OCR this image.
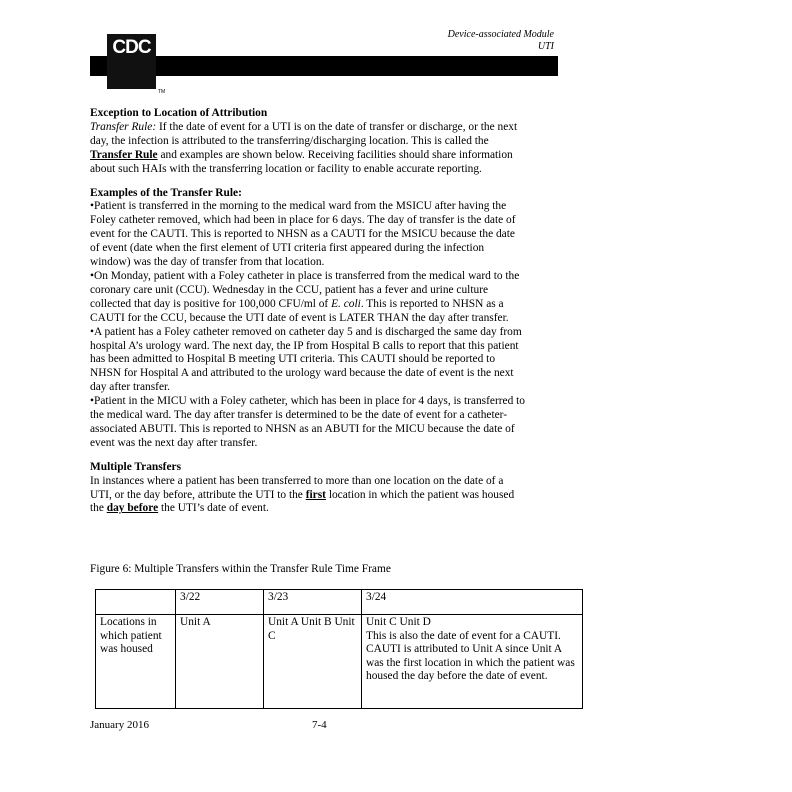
Device-associated Module
UTI
CDC
TM

Exception to Location of Attribution

Transfer Rule: If the date of event for a UTI is on the date of transfer or discharge, or the next day, the infection is attributed to the transferring/discharging location. This is called the Transfer Rule and examples are shown below. Receiving facilities should share information about such HAIs with the transferring location or facility to enable accurate reporting.

Examples of the Transfer Rule:

•Patient is transferred in the morning to the medical ward from the MSICU after having the Foley catheter removed, which had been in place for 6 days. The day of transfer is the date of event for the CAUTI. This is reported to NHSN as a CAUTI for the MSICU because the date of event (date when the first element of UTI criteria first appeared during the infection window) was the day of transfer from that location.

•On Monday, patient with a Foley catheter in place is transferred from the medical ward to the coronary care unit (CCU). Wednesday in the CCU, patient has a fever and urine culture collected that day is positive for 100,000 CFU/ml of E. coli. This is reported to NHSN as a CAUTI for the CCU, because the UTI date of event is LATER THAN the day after transfer.

•A patient has a Foley catheter removed on catheter day 5 and is discharged the same day from hospital A’s urology ward. The next day, the IP from Hospital B calls to report that this patient has been admitted to Hospital B meeting UTI criteria. This CAUTI should be reported to NHSN for Hospital A and attributed to the urology ward because the date of event is the next day after transfer.

•Patient in the MICU with a Foley catheter, which has been in place for 4 days, is transferred to the medical ward. The day after transfer is determined to be the date of event for a catheter-associated ABUTI. This is reported to NHSN as an ABUTI for the MICU because the date of event was the next day after transfer.

Multiple Transfers

In instances where a patient has been transferred to more than one location on the date of a UTI, or the day before, attribute the UTI to the first location in which the patient was housed the day before the UTI’s date of event.

Figure 6: Multiple Transfers within the Transfer Rule Time Frame
	3/22	3/23	3/24
Locations in which patient was housed	Unit A	Unit A Unit B Unit C	Unit C Unit D
This is also the date of event for a CAUTI. CAUTI is attributed to Unit A since Unit A was the first location in which the patient was housed the day before the date of event.
January 2016	7-4
